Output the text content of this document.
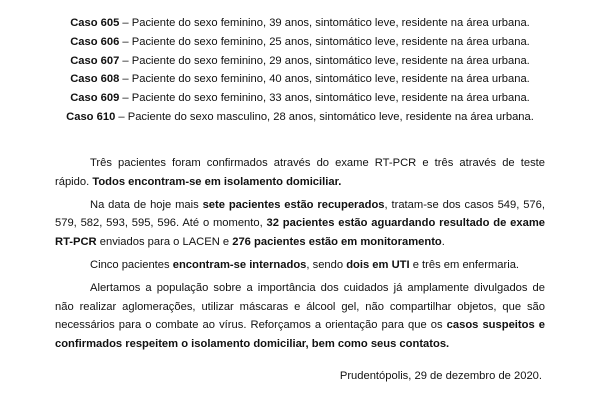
Caso 605 – Paciente do sexo feminino, 39 anos, sintomático leve, residente na área urbana.
Caso 606 – Paciente do sexo feminino, 25 anos, sintomático leve, residente na área urbana.
Caso 607 – Paciente do sexo feminino, 29 anos, sintomático leve, residente na área urbana.
Caso 608 – Paciente do sexo feminino, 40 anos, sintomático leve, residente na área urbana.
Caso 609 – Paciente do sexo feminino, 33 anos, sintomático leve, residente na área urbana.
Caso 610 – Paciente do sexo masculino, 28 anos, sintomático leve, residente na área urbana.

Três pacientes foram confirmados através do exame RT-PCR e três através de teste rápido. Todos encontram-se em isolamento domiciliar.

Na data de hoje mais sete pacientes estão recuperados, tratam-se dos casos 549, 576, 579, 582, 593, 595, 596. Até o momento, 32 pacientes estão aguardando resultado de exame RT-PCR enviados para o LACEN e 276 pacientes estão em monitoramento.

Cinco pacientes encontram-se internados, sendo dois em UTI e três em enfermaria.

Alertamos a população sobre a importância dos cuidados já amplamente divulgados de não realizar aglomerações, utilizar máscaras e álcool gel, não compartilhar objetos, que são necessários para o combate ao vírus. Reforçamos a orientação para que os casos suspeitos e confirmados respeitem o isolamento domiciliar, bem como seus contatos.

Prudentópolis, 29 de dezembro de 2020.
